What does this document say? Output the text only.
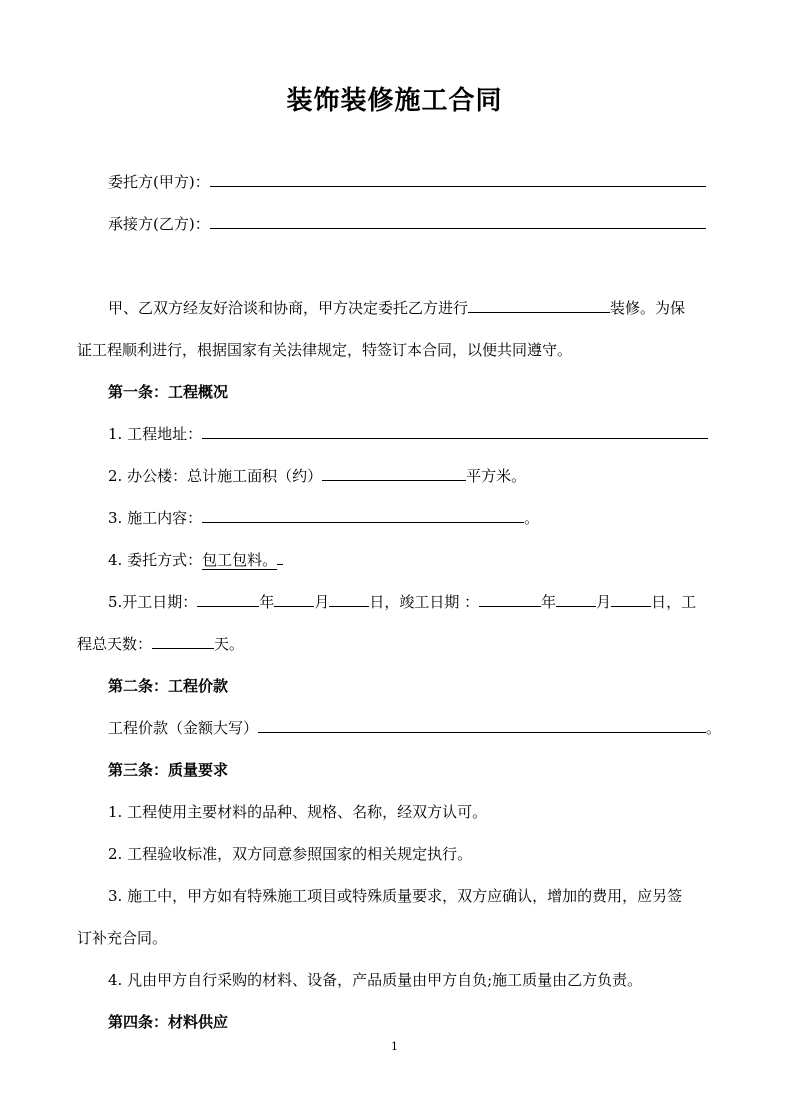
装饰装修施工合同
委托方(甲方)：
承接方(乙方)：
甲、乙双方经友好洽谈和协商，甲方决定委托乙方进行	装修。为保
证工程顺利进行，根据国家有关法律规定，特签订本合同，以便共同遵守。
第一条：工程概况
1. 工程地址：
2. 办公楼：总计施工面积（约）	平方米。
3. 施工内容：	。
4. 委托方式：包工包料。
5.开工日期：	年	月	日，竣工日期 ：	年	月	日，工
程总天数：	天。
第二条：工程价款
工程价款（金额大写）	。
第三条：质量要求
1. 工程使用主要材料的品种、规格、名称，经双方认可。
2. 工程验收标准，双方同意参照国家的相关规定执行。
3. 施工中，甲方如有特殊施工项目或特殊质量要求，双方应确认，增加的费用，应另签
订补充合同。
4. 凡由甲方自行采购的材料、设备，产品质量由甲方自负;施工质量由乙方负责。
第四条：材料供应
1
